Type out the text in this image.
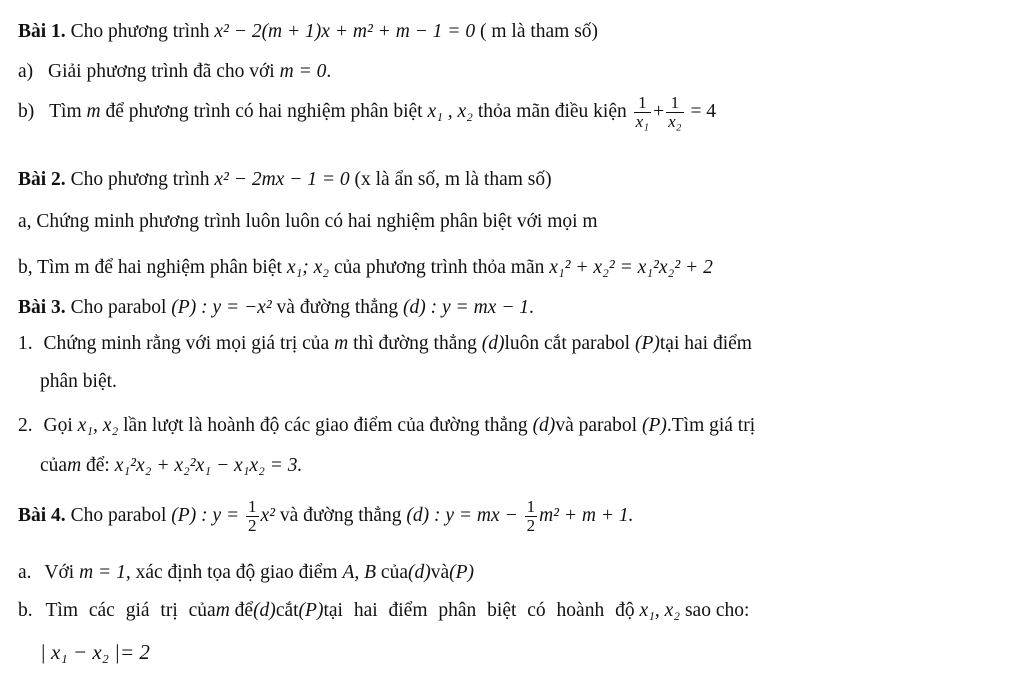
Bài 1. Cho phương trình x² − 2(m + 1)x + m² + m − 1 = 0 ( m là tham số)
a) Giải phương trình đã cho với m = 0.
b) Tìm m để phương trình có hai nghiệm phân biệt x₁ , x₂ thỏa mãn điều kiện $\frac{1}{\text{x₁}} + \frac{1}{\text{x₂}} = 4$
Bài 2. Cho phương trình x² − 2mx − 1 = 0 (x là ẩn số, m là tham số)
a, Chứng minh phương trình luôn luôn có hai nghiệm phân biệt với mọi m
b, Tìm m để hai nghiệm phân biệt x₁; x₂ của phương trình thỏa mãn x₁² + x₂² = x₁²x₂² + 2
Bài 3. Cho parabol (P) : y = −x² và đường thẳng (d) : y = mx − 1.
1. Chứng minh rằng với mọi giá trị của m thì đường thẳng (d)luôn cắt parabol (P)tại hai điểm
phân biệt.
2. Gọi x₁, x₂ lần lượt là hoành độ các giao điểm của đường thẳng (d)và parabol (P).Tìm giá trị
củam để: x₁²x₂ + x₂²x₁ − x₁x₂ = 3.
Bài 4. Cho parabol (P) : $y = \frac{1}{2} x^2$ và đường thẳng (d) : y = mx − $\frac{1}{2} m^2 + m + 1$.
a. Với m = 1, xác định tọa độ giao điểm A, B của(d)và(P)
b. Tìm các giá trị củam để(d)cắt(P)tại hai điểm phân biệt có hoành độ x₁, x₂ sao cho:
| x₁ − x₂ |= 2
